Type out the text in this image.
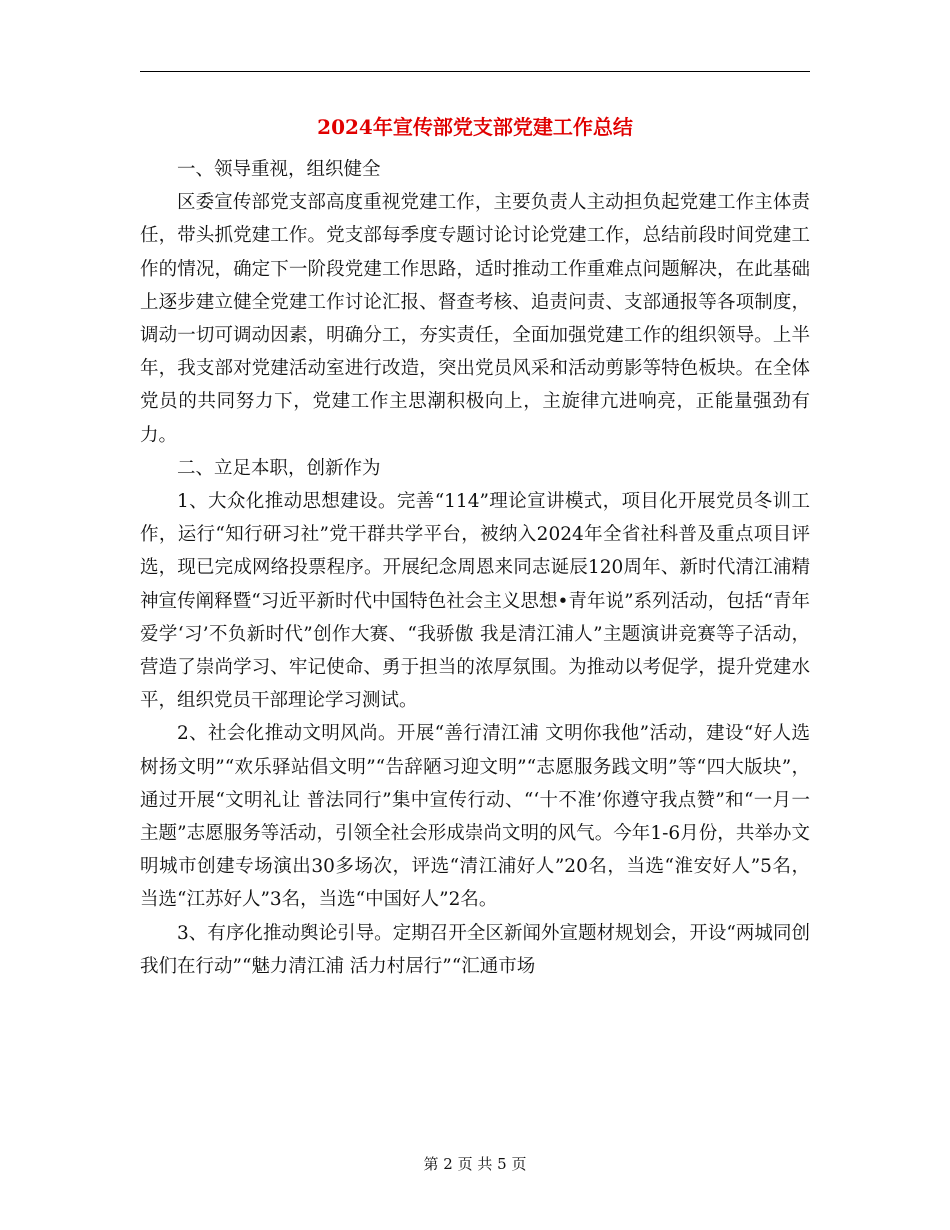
2024年宣传部党支部党建工作总结

一、领导重视，组织健全

区委宣传部党支部高度重视党建工作，主要负责人主动担负起党建工作主体责任，带头抓党建工作。党支部每季度专题讨论讨论党建工作，总结前段时间党建工作的情况，确定下一阶段党建工作思路，适时推动工作重难点问题解决，在此基础上逐步建立健全党建工作讨论汇报、督查考核、追责问责、支部通报等各项制度，调动一切可调动因素，明确分工，夯实责任，全面加强党建工作的组织领导。上半年，我支部对党建活动室进行改造，突出党员风采和活动剪影等特色板块。在全体党员的共同努力下，党建工作主思潮积极向上，主旋律亢进响亮，正能量强劲有力。

二、立足本职，创新作为

1、大众化推动思想建设。完善“114”理论宣讲模式，项目化开展党员冬训工作，运行“知行研习社”党干群共学平台，被纳入2024年全省社科普及重点项目评选，现已完成网络投票程序。开展纪念周恩来同志诞辰120周年、新时代清江浦精神宣传阐释暨“习近平新时代中国特色社会主义思想•青年说”系列活动，包括“青年爱学‘习’不负新时代”创作大赛、“我骄傲 我是清江浦人”主题演讲竞赛等子活动，营造了崇尚学习、牢记使命、勇于担当的浓厚氛围。为推动以考促学，提升党建水平，组织党员干部理论学习测试。

2、社会化推动文明风尚。开展“善行清江浦 文明你我他”活动，建设“好人选树扬文明”“欢乐驿站倡文明”“告辞陋习迎文明”“志愿服务践文明”等“四大版块”，通过开展“文明礼让 普法同行”集中宣传行动、“‘十不准’你遵守我点赞”和“一月一主题”志愿服务等活动，引领全社会形成崇尚文明的风气。今年1-6月份，共举办文明城市创建专场演出30多场次，评选“清江浦好人”20名，当选“淮安好人”5名，当选“江苏好人”3名，当选“中国好人”2名。

3、有序化推动舆论引导。定期召开全区新闻外宣题材规划会，开设“两城同创 我们在行动”“魅力清江浦 活力村居行”“汇通市场

第 2 页 共 5 页
